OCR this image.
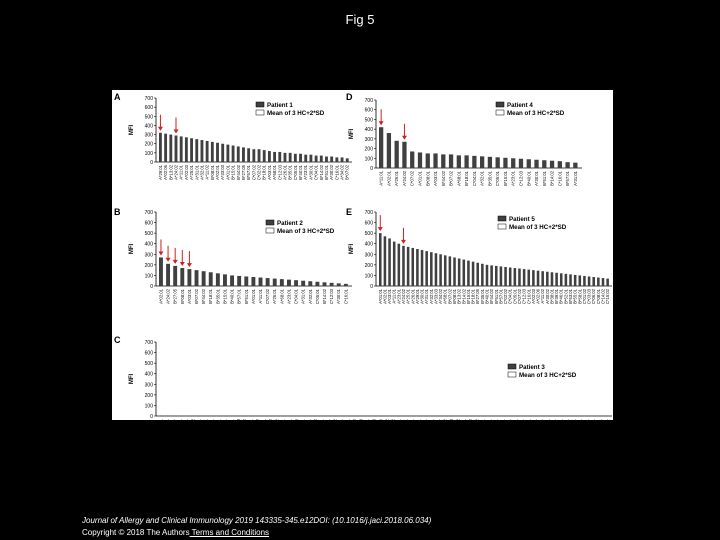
Fig 5
A	700
600
500
400
300
200
100
0
MFI
A*29:01 A*02:06 B*13:02 A*24:02 A*11:01 A*02:03 A*25:01 A*31:01 A*32:01 A*11:02 B*08:01 A*02:01 A*33:03 A*01:01 B*15:01 B*44:02 B*27:05 B*57:01 C*07:02 C*02:02 B*18:01 A*03:01 A*68:01 C*12:03 A*26:01 B*35:01 C*05:01 B*40:01 A*23:01 A*30:01 C*04:01 B*14:02 B*51:01 A*30:02 C*16:01 A*34:02 B*07:02
Patient 1
Mean of 3 HC+2*SD
D 700
600
500
400
300
200
100
0
MFI
A*11:01 A*02:01 A*26:01 A*24:02 C*07:02 A*01:01 B*08:01 A*03:01 B*44:02 B*07:02 A*68:01 B*18:01 C*04:01 A*32:01 B*35:01 C*05:01 B*15:01 A*23:01 C*12:03 B*40:01 A*30:01 B*51:01 B*14:02 C*16:01 B*57:01 A*31:01
Patient 4
Mean of 3 HC+2*SD
B	700
600
500
400
300
200
100
0
MFI
A*02:01 A*24:02 B*27:05 B*08:01 A*03:01 B*07:02 B*44:02 B*18:01 B*35:01 B*15:01 B*40:01 B*57:01 B*51:01 A*01:01 A*11:01 C*07:02 A*26:01 A*68:01 A*23:01 C*04:01 A*31:01 A*32:01 C*05:01 B*14:02 C*12:03 A*30:01 C*16:01
Patient 2
Mean of 3 HC+2*SD
E	700
600
500
400
300
200
100
0
MFI
A*01:01 A*02:01 A*03:01 A*11:01 A*23:01 A*24:02 A*25:01 A*26:01 A*29:01 A*30:01 A*31:01 A*32:01 A*33:03 A*34:02 A*68:01 B*07:02 B*08:01 B*13:02 B*14:02 B*15:01 B*18:01 B*27:05 B*35:01 B*40:01 B*44:02 B*51:01 B*57:01 C*02:02 C*04:01 C*05:01 C*07:02 C*12:03 C*16:01 A*02:03 A*02:06 A*11:02 A*30:02 B*38:01 B*39:01 B*46:01 B*52:01 B*53:01 B*55:01 B*58:01 C*01:02 C*03:03 C*06:02 C*08:01 C*14:02 C*15:02
Patient 5
Mean of 3 HC+2*SD
C	700
600
500
400
300
200
100
0
MFI
A*01:01 A*02:01 A*03:01 A*11:01 A*23:01 A*24:02 A*25:01 A*26:01 A*29:01 A*30:01 A*31:01 A*32:01 A*33:03 A*34:02 A*68:01 B*07:02 B*08:01 B*13:02 B*14:02 B*15:01 B*18:01 B*27:05 B*35:01 B*40:01 B*44:02 B*51:01 B*57:01 C*02:02 C*04:01 C*05:01 C*07:02 C*12:03 C*16:01 A*02:03 A*02:06 A*11:02 A*30:02 B*38:01 B*39:01 B*46:01 B*52:01 B*53:01 B*55:01 B*58:01 C*01:02 C*03:03 C*06:02 C*08:01 C*14:02 C*15:02 A*66:01 A*74:01 B*37:01 B*41:01 B*42:01 B*45:01 B*47:01 B*48:01 B*49:01 B*50:01 B*54:01 B*56:01 B*59:01 B*67:01 B*73:01 B*78:01 B*81:01 B*82:01 C*17:01 C*18:01
Patient 3
Mean of 3 HC+2*SD
Journal of Allergy and Clinical Immunology 2019 143335-345.e12DOI: (10.1016/j.jaci.2018.06.034)
Copyright © 2018 The Authors Terms and Conditions
